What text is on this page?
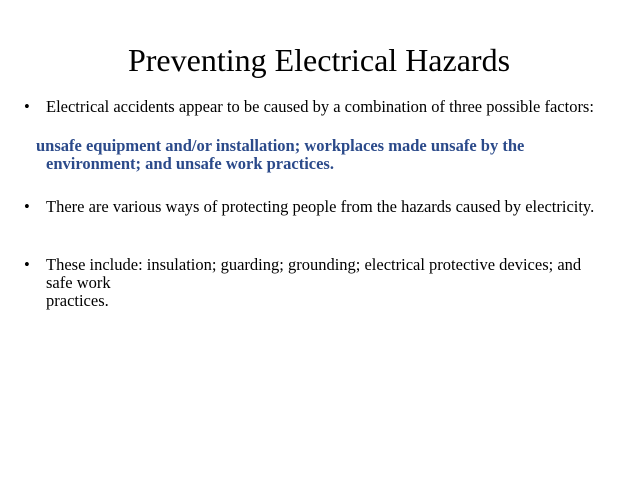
Preventing Electrical Hazards
• Electrical accidents appear to be caused by a combination of three possible factors:
unsafe equipment and/or installation; workplaces made unsafe by the environment; and unsafe work practices.
• There are various ways of protecting people from the hazards caused by electricity.
• These include: insulation; guarding; grounding; electrical protective devices; and safe work
practices.
